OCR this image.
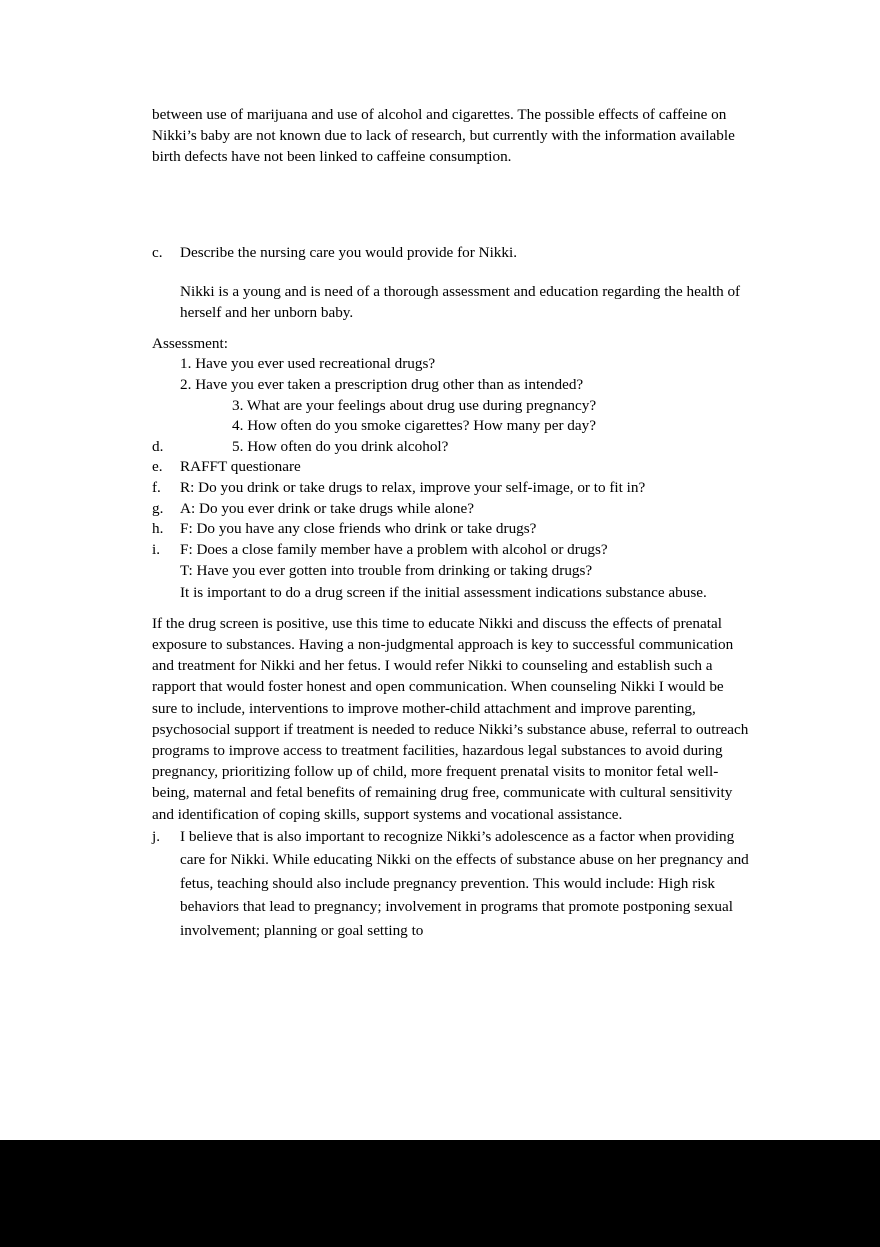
between use of marijuana and use of alcohol and cigarettes. The possible effects of caffeine on Nikki’s baby are not known due to lack of research, but currently with the information available birth defects have not been linked to caffeine consumption.

c.	Describe the nursing care you would provide for Nikki.

Nikki is a young and is need of a thorough assessment and education regarding the health of herself and her unborn baby.

Assessment:

1. Have you ever used recreational drugs?
2. Have you ever taken a prescription drug other than as intended?
3. What are your feelings about drug use during pregnancy?
4. How often do you smoke cigarettes? How many per day?
d.	5. How often do you drink alcohol?
e.	RAFFT questionare
f.	R: Do you drink or take drugs to relax, improve your self-image, or to fit in?
g.	A: Do you ever drink or take drugs while alone?
h.	F: Do you have any close friends who drink or take drugs?
i.	F: Does a close family member have a problem with alcohol or drugs?
T: Have you ever gotten into trouble from drinking or taking drugs?
It is important to do a drug screen if the initial assessment indications substance abuse.

If the drug screen is positive, use this time to educate Nikki and discuss the effects of prenatal exposure to substances. Having a non-judgmental approach is key to successful communication and treatment for Nikki and her fetus. I would refer Nikki to counseling and establish such a rapport that would foster honest and open communication. When counseling Nikki I would be sure to include, interventions to improve mother-child attachment and improve parenting, psychosocial support if treatment is needed to reduce Nikki’s substance abuse, referral to outreach programs to improve access to treatment facilities, hazardous legal substances to avoid during pregnancy, prioritizing follow up of child, more frequent prenatal visits to monitor fetal well-being, maternal and fetal benefits of remaining drug free, communicate with cultural sensitivity and identification of coping skills, support systems and vocational assistance.

j.	I believe that is also important to recognize Nikki’s adolescence as a factor when providing care for Nikki. While educating Nikki on the effects of substance abuse on her pregnancy and fetus, teaching should also include pregnancy prevention. This would include: High risk behaviors that lead to pregnancy; involvement in programs that promote postponing sexual involvement; planning or goal setting to
